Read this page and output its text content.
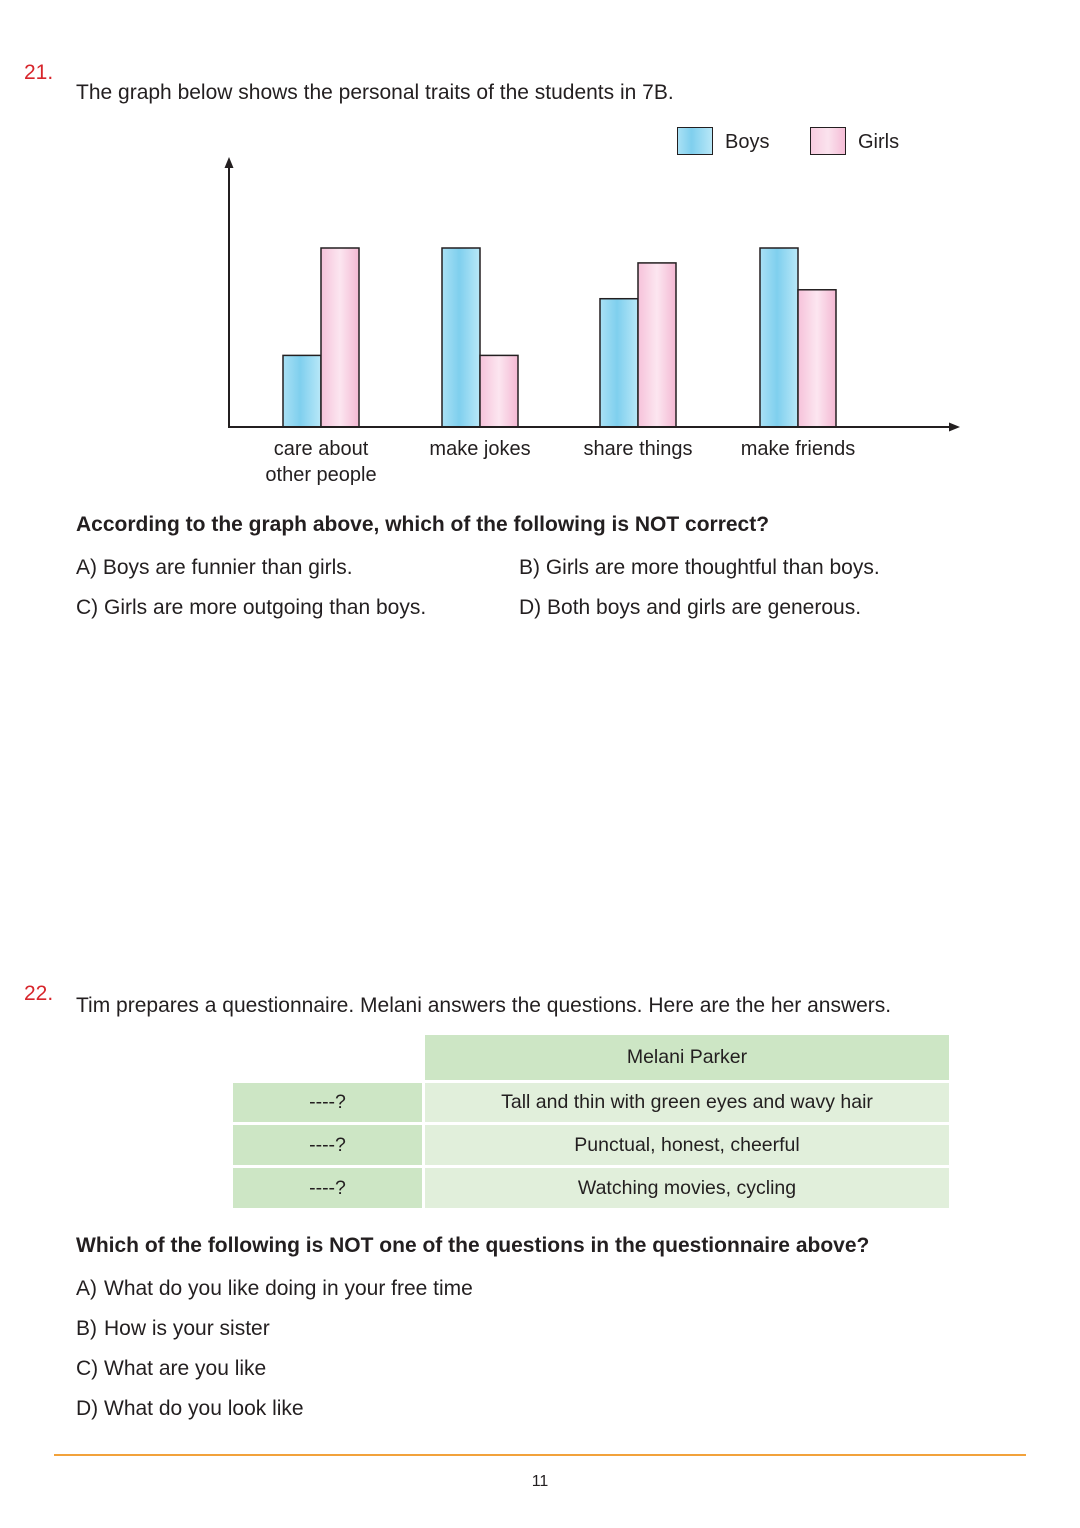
21.
The graph below shows the personal traits of the students in 7B.
Boys	Girls
care about
other people
make jokes	share things make friends
According to the graph above, which of the following is NOT correct?
A) Boys are funnier than girls.	B) Girls are more thoughtful than boys.
C) Girls are more outgoing than boys.	D) Both boys and girls are generous.
22.
Tim prepares a questionnaire. Melani answers the questions. Here are the her answers.
Melani Parker
----?	Tall and thin with green eyes and wavy hair
----?	Punctual, honest, cheerful
----?	Watching movies, cycling
Which of the following is NOT one of the questions in the questionnaire above?
A) What do you like doing in your free time
B) How is your sister
C) What are you like
D) What do you look like
11
